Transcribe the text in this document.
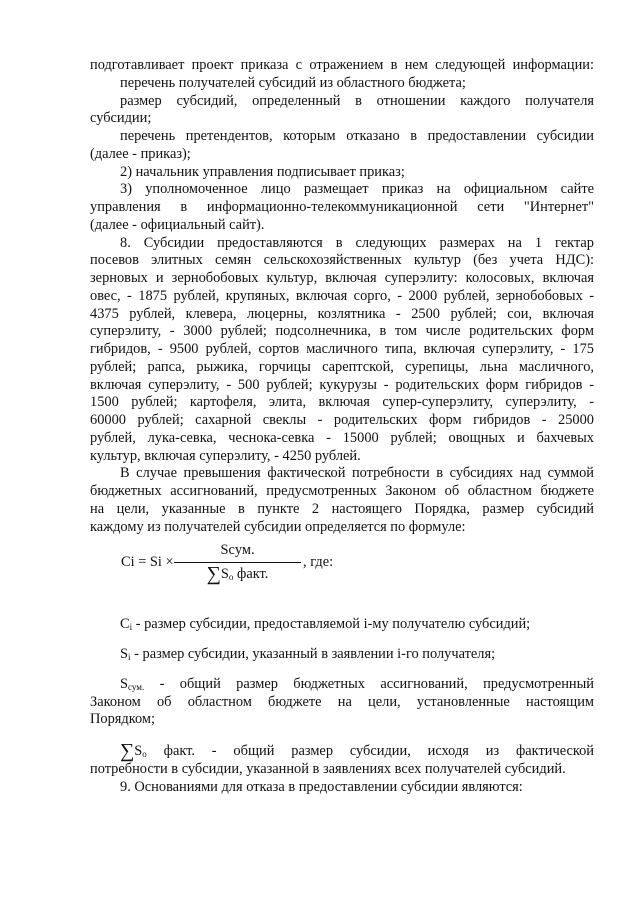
подготавливает проект приказа с отражением в нем следующей информации:
перечень получателей субсидий из областного бюджета;
размер субсидий, определенный в отношении каждого получателя
субсидии;
перечень претендентов, которым отказано в предоставлении субсидии
(далее - приказ);
2) начальник управления подписывает приказ;
3) уполномоченное лицо размещает приказ на официальном сайте
управления в информационно-телекоммуникационной сети "Интернет"
(далее - официальный сайт).
8. Субсидии предоставляются в следующих размерах на 1 гектар
посевов элитных семян сельскохозяйственных культур (без учета НДС):
зерновых и зернобобовых культур, включая суперэлиту: колосовых, включая
овес, - 1875 рублей, крупяных, включая сорго, - 2000 рублей, зернобобовых -
4375 рублей, клевера, люцерны, козлятника - 2500 рублей; сои, включая
суперэлиту, - 3000 рублей; подсолнечника, в том числе родительских форм
гибридов, - 9500 рублей, сортов масличного типа, включая суперэлиту, - 175
рублей; рапса, рыжика, горчицы сарептской, сурепицы, льна масличного,
включая суперэлиту, - 500 рублей; кукурузы - родительских форм гибридов -
1500 рублей; картофеля, элита, включая супер-суперэлиту, суперэлиту, -
60000 рублей; сахарной свеклы - родительских форм гибридов - 25000
рублей, лука-севка, чеснока-севка - 15000 рублей; овощных и бахчевых
культур, включая суперэлиту, - 4250 рублей.
В случае превышения фактической потребности в субсидиях над суммой
бюджетных ассигнований, предусмотренных Законом об областном бюджете
на цели, указанные в пункте 2 настоящего Порядка, размер субсидий
каждому из получателей субсидии определяется по формуле:
Ci = Si ×
Scум.
$\sum S_о$ факт.
, где:
$C_i$ - размер субсидии, предоставляемой i-му получателю субсидий;
$S_i$ - размер субсидии, указанный в заявлении i-го получателя;
$S_{сум.}$ - общий размер бюджетных ассигнований, предусмотренный
Законом об областном бюджете на цели, установленные настоящим
Порядком;
$\sum S_о$ факт. - общий размер субсидии, исходя из фактической
потребности в субсидии, указанной в заявлениях всех получателей субсидий.
9. Основаниями для отказа в предоставлении субсидии являются:
